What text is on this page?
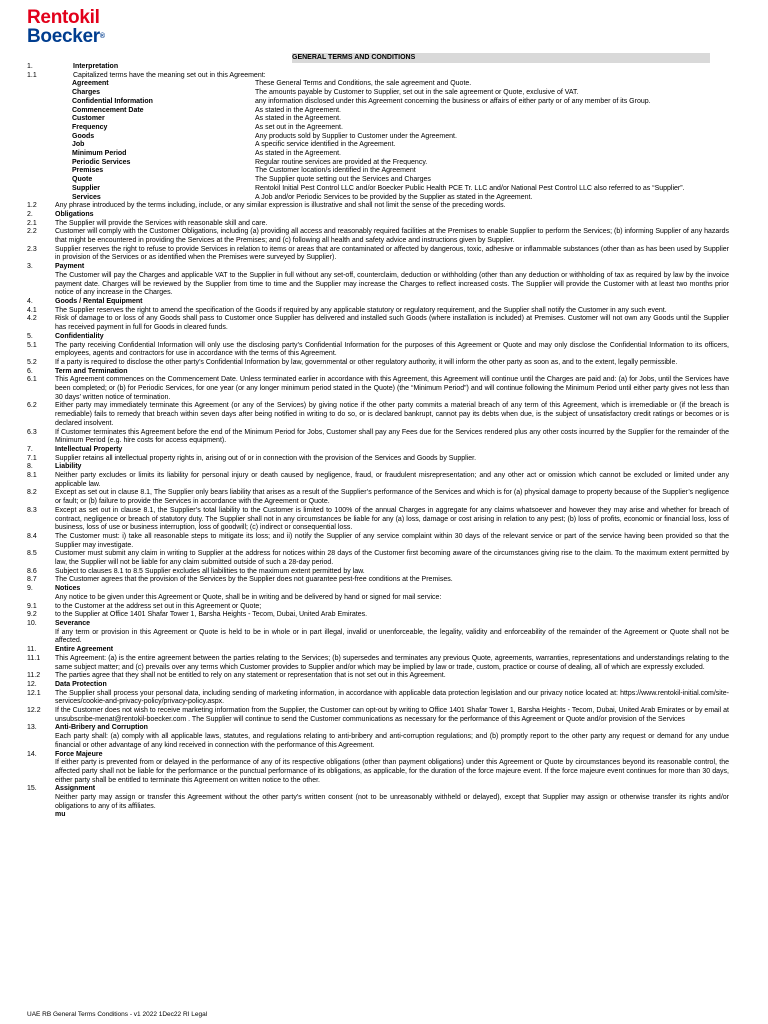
Rentokil
Boecker®
GENERAL TERMS AND CONDITIONS
1.	Interpretation
1.1	Capitalized terms have the meaning set out in this Agreement:
Agreement	These General Terms and Conditions, the sale agreement and Quote.
Charges	The amounts payable by Customer to Supplier, set out in the sale agreement or Quote, exclusive of VAT.
Confidential Information	any information disclosed under this Agreement concerning the business or affairs of either party or of any member of its Group.
Commencement Date	As stated in the Agreement.
Customer	As stated in the Agreement.
Frequency	As set out in the Agreement.
Goods	Any products sold by Supplier to Customer under the Agreement.
Job	A specific service identified in the Agreement.
Minimum Period	As stated in the Agreement.
Periodic Services	Regular routine services are provided at the Frequency.
Premises	The Customer location/s identified in the Agreement
Quote	The Supplier quote setting out the Services and Charges
Supplier	Rentokil Initial Pest Control LLC and/or Boecker Public Health PCE Tr. LLC and/or National Pest Control LLC also referred to as “Supplier”.
Services	A Job and/or Periodic Services to be provided by the Supplier as stated in the Agreement.
1.2	Any phrase introduced by the terms including, include, or any similar expression is illustrative and shall not limit the sense of the preceding words.
2.	Obligations
2.1	The Supplier will provide the Services with reasonable skill and care.
2.2	Customer will comply with the Customer Obligations, including (a) providing all access and reasonably required facilities at the Premises to enable Supplier to perform the Services; (b) informing Supplier of any hazards that might be encountered in providing the Services at the Premises; and (c) following all health and safety advice and instructions given by Supplier.
2.3	Supplier reserves the right to refuse to provide Services in relation to items or areas that are contaminated or affected by dangerous, toxic, adhesive or inflammable substances (other than as has been used by Supplier in provision of the Services or as identified when the Premises were surveyed by Supplier).
3.	Payment
The Customer will pay the Charges and applicable VAT to the Supplier in full without any set-off, counterclaim, deduction or withholding (other than any deduction or withholding of tax as required by law by the invoice payment date. Charges will be reviewed by the Supplier from time to time and the Supplier may increase the Charges to reflect increased costs. The Supplier will provide the Customer with at least two months prior notice of any increase in the Charges.
4.	Goods / Rental Equipment
4.1	The Supplier reserves the right to amend the specification of the Goods if required by any applicable statutory or regulatory requirement, and the Supplier shall notify the Customer in any such event.
4.2	Risk of damage to or loss of any Goods shall pass to Customer once Supplier has delivered and installed such Goods (where installation is included) at Premises. Customer will not own any Goods until the Supplier has received payment in full for Goods in cleared funds.
5.	Confidentiality
5.1	The party receiving Confidential Information will only use the disclosing party’s Confidential Information for the purposes of this Agreement or Quote and may only disclose the Confidential Information to its officers, employees, agents and contractors for use in accordance with the terms of this Agreement.
5.2	If a party is required to disclose the other party’s Confidential Information by law, governmental or other regulatory authority, it will inform the other party as soon as, and to the extent, legally permissible.
6.	Term and Termination
6.1	This Agreement commences on the Commencement Date. Unless terminated earlier in accordance with this Agreement, this Agreement will continue until the Charges are paid and: (a) for Jobs, until the Services have been completed; or (b) for Periodic Services, for one year (or any longer minimum period stated in the Quote) (the “Minimum Period”) and will continue following the Minimum Period until either party gives not less than 30 days’ written notice of termination.
6.2	Either party may immediately terminate this Agreement (or any of the Services) by giving notice if the other party commits a material breach of any term of this Agreement, which is irremediable or (if the breach is remediable) fails to remedy that breach within seven days after being notified in writing to do so, or is declared bankrupt, cannot pay its debts when due, is the subject of unsatisfactory credit ratings or becomes or is declared insolvent.
6.3	If Customer terminates this Agreement before the end of the Minimum Period for Jobs, Customer shall pay any Fees due for the Services rendered plus any other costs incurred by the Supplier for the remainder of the Minimum Period (e.g. hire costs for access equipment).
7.	Intellectual Property
7.1	Supplier retains all intellectual property rights in, arising out of or in connection with the provision of the Services and Goods by Supplier.
8.	Liability
8.1	Neither party excludes or limits its liability for personal injury or death caused by negligence, fraud, or fraudulent misrepresentation; and any other act or omission which cannot be excluded or limited under any applicable law.
8.2	Except as set out in clause 8.1, The Supplier only bears liability that arises as a result of the Supplier’s performance of the Services and which is for (a) physical damage to property because of the Supplier’s negligence or fault; or (b) failure to provide the Services in accordance with the Agreement or Quote.
8.3	Except as set out in clause 8.1, the Supplier’s total liability to the Customer is limited to 100% of the annual Charges in aggregate for any claims whatsoever and however they may arise and whether for breach of contract, negligence or breach of statutory duty. The Supplier shall not in any circumstances be liable for any (a) loss, damage or cost arising in relation to any pest; (b) loss of profits, economic or financial loss, loss of business, loss of use or business interruption, loss of goodwill; (c) indirect or consequential loss.
8.4	The Customer must: i) take all reasonable steps to mitigate its loss; and ii) notify the Supplier of any service complaint within 30 days of the relevant service or part of the service having been provided so that the Supplier may investigate.
8.5	Customer must submit any claim in writing to Supplier at the address for notices within 28 days of the Customer first becoming aware of the circumstances giving rise to the claim. To the maximum extent permitted by law, the Supplier will not be liable for any claim submitted outside of such a 28-day period.
8.6	Subject to clauses 8.1 to 8.5 Supplier excludes all liabilities to the maximum extent permitted by law.
8.7	The Customer agrees that the provision of the Services by the Supplier does not guarantee pest-free conditions at the Premises.
9.	Notices
Any notice to be given under this Agreement or Quote, shall be in writing and be delivered by hand or signed for mail service:
9.1	to the Customer at the address set out in this Agreement or Quote;
9.2	to the Supplier at Office 1401 Shafar Tower 1, Barsha Heights - Tecom, Dubai, United Arab Emirates.
10.	Severance
If any term or provision in this Agreement or Quote is held to be in whole or in part illegal, invalid or unenforceable, the legality, validity and enforceability of the remainder of the Agreement or Quote shall not be affected.
11.	Entire Agreement
11.1	This Agreement: (a) is the entire agreement between the parties relating to the Services; (b) supersedes and terminates any previous Quote, agreements, warranties, representations and understandings relating to the same subject matter; and (c) prevails over any terms which Customer provides to Supplier and/or which may be implied by law or trade, custom, practice or course of dealing, all of which are expressly excluded.
11.2	The parties agree that they shall not be entitled to rely on any statement or representation that is not set out in this Agreement.
12.	Data Protection
12.1	The Supplier shall process your personal data, including sending of marketing information, in accordance with applicable data protection legislation and our privacy notice located at: https://www.rentokil-initial.com/site-services/cookie-and-privacy-policy/privacy-policy.aspx.
12.2	If the Customer does not wish to receive marketing information from the Supplier, the Customer can opt-out by writing to Office 1401 Shafar Tower 1, Barsha Heights - Tecom, Dubai, United Arab Emirates or by email at unsubscribe-menat@rentokil-boecker.com . The Supplier will continue to send the Customer communications as necessary for the performance of this Agreement or Quote and/or provision of the Services
13.	Anti-Bribery and Corruption
Each party shall: (a) comply with all applicable laws, statutes, and regulations relating to anti-bribery and anti-corruption regulations; and (b) promptly report to the other party any request or demand for any undue financial or other advantage of any kind received in connection with the performance of this Agreement.
14.	Force Majeure
If either party is prevented from or delayed in the performance of any of its respective obligations (other than payment obligations) under this Agreement or Quote by circumstances beyond its reasonable control, the affected party shall not be liable for the performance or the punctual performance of its obligations, as applicable, for the duration of the force majeure event. If the force majeure event continues for more than 30 days, either party shall be entitled to terminate this Agreement on written notice to the other.
15.	Assignment
Neither party may assign or transfer this Agreement without the other party’s written consent (not to be unreasonably withheld or delayed), except that Supplier may assign or otherwise transfer its rights and/or obligations to any of its affiliates.
mu
UAE RB General Terms Conditions - v1 2022 1Dec22 RI Legal
